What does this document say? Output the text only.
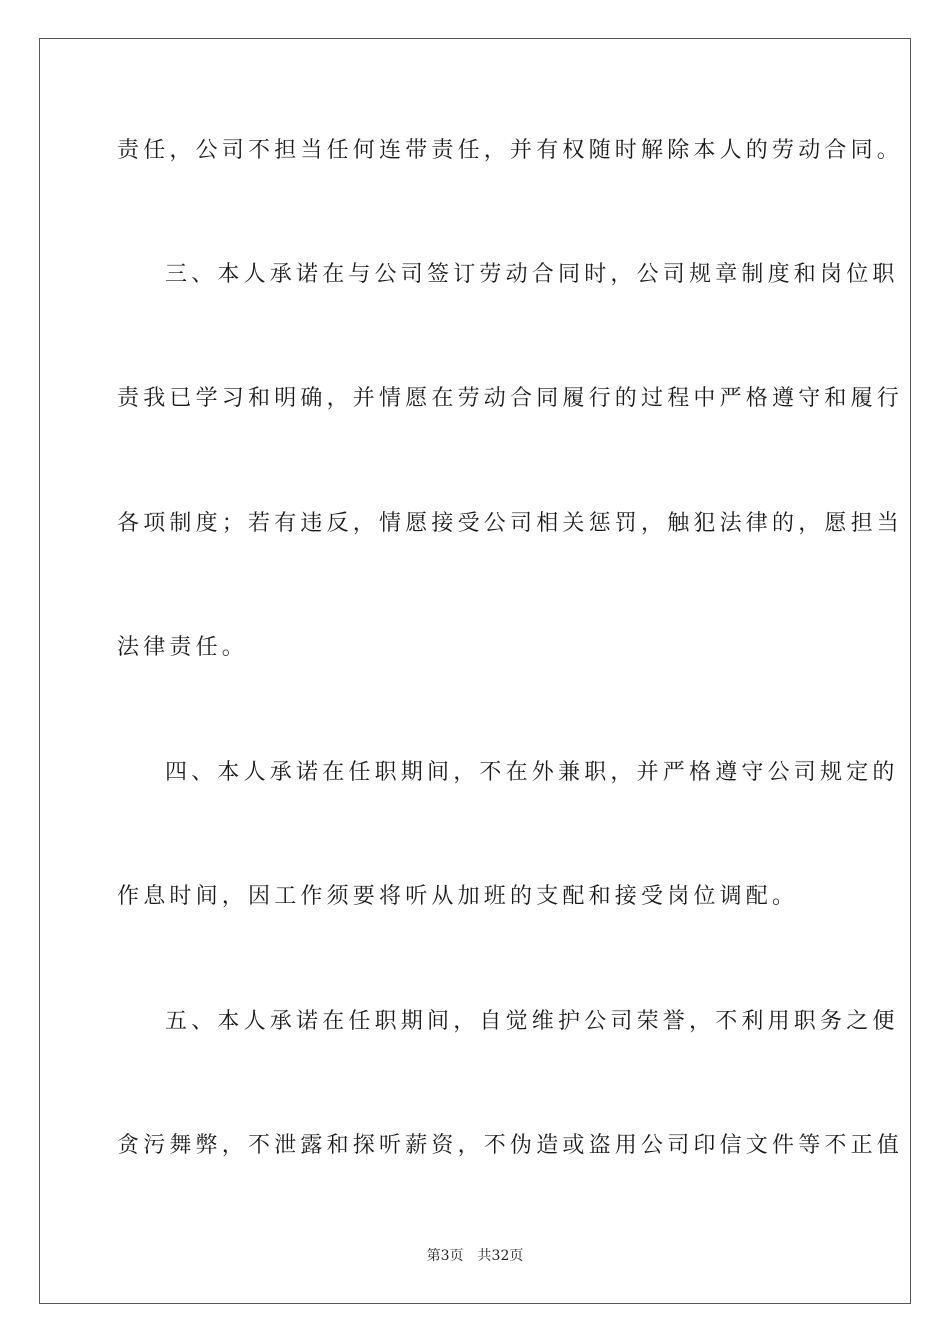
责任，公司不担当任何连带责任，并有权随时解除本人的劳动合同。
三、本人承诺在与公司签订劳动合同时，公司规章制度和岗位职
责我已学习和明确，并情愿在劳动合同履行的过程中严格遵守和履行
各项制度；若有违反，情愿接受公司相关惩罚，触犯法律的，愿担当
法律责任。
四、本人承诺在任职期间，不在外兼职，并严格遵守公司规定的
作息时间，因工作须要将听从加班的支配和接受岗位调配。
五、本人承诺在任职期间，自觉维护公司荣誉，不利用职务之便
贪污舞弊，不泄露和探听薪资，不伪造或盗用公司印信文件等不正值
第3页 共32页
